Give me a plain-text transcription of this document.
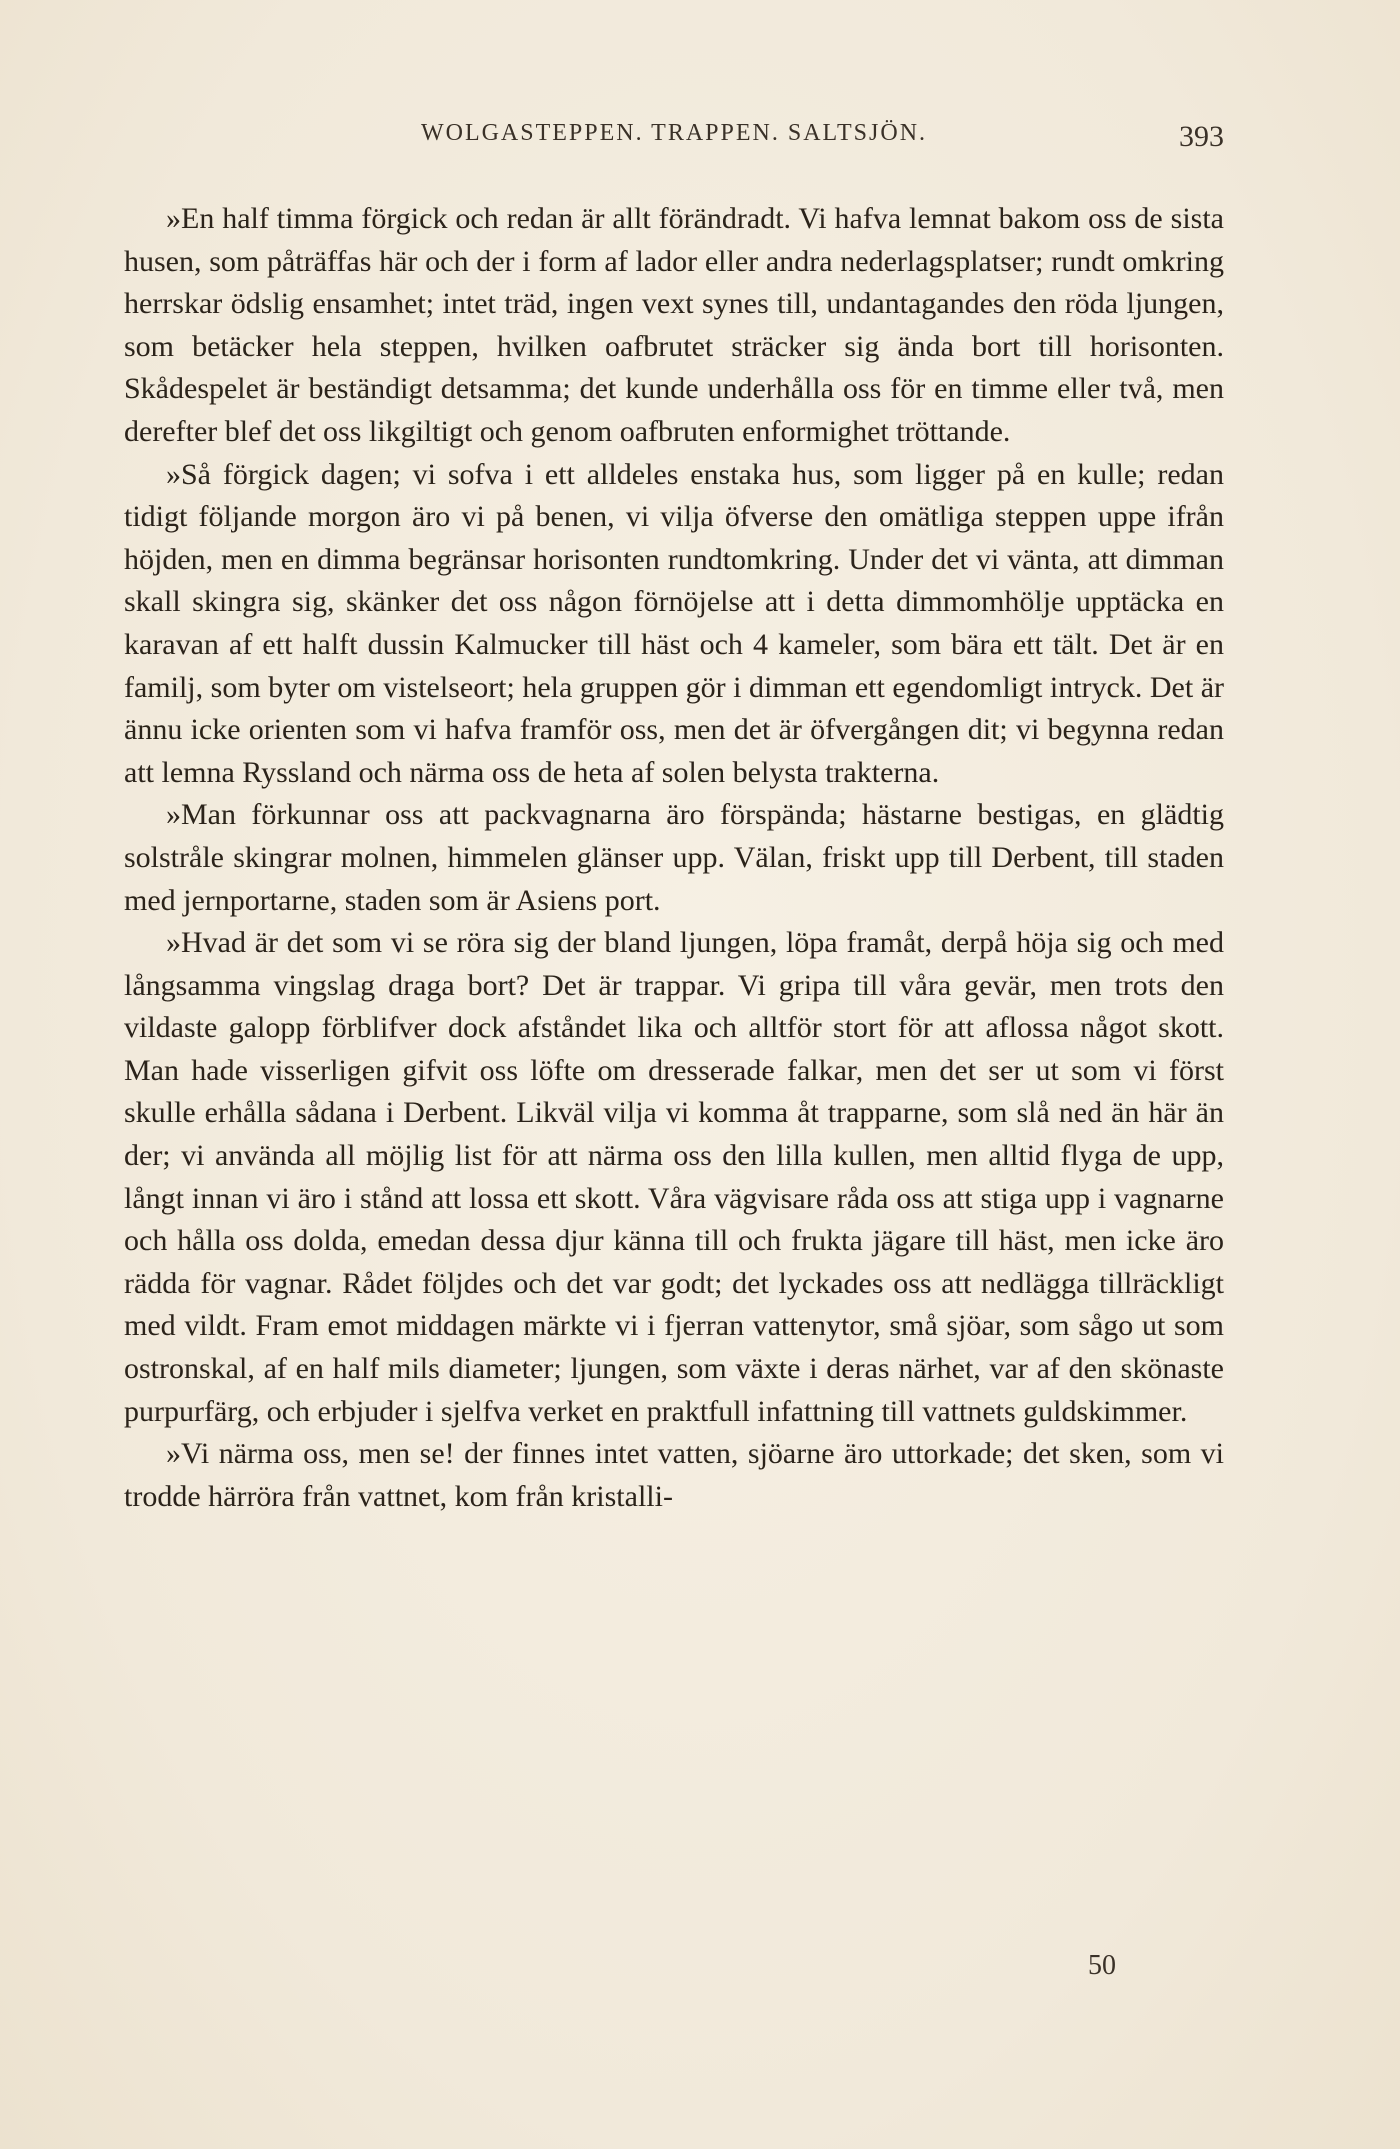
WOLGASTEPPEN. TRAPPEN. SALTSJÖN.	393

»En half timma förgick och redan är allt förändradt. Vi hafva lemnat bakom oss de sista husen, som påträffas här och der i form af lador eller andra nederlagsplatser; rundt omkring herrskar ödslig ensamhet; intet träd, ingen vext synes till, undantagandes den röda ljungen, som betäcker hela steppen, hvilken oafbrutet sträcker sig ända bort till horisonten. Skådespelet är beständigt detsamma; det kunde underhålla oss för en timme eller två, men derefter blef det oss likgiltigt och genom oafbruten enformighet tröttande.

»Så förgick dagen; vi sofva i ett alldeles enstaka hus, som ligger på en kulle; redan tidigt följande morgon äro vi på benen, vi vilja öfverse den omätliga steppen uppe ifrån höjden, men en dimma begränsar horisonten rundtomkring. Under det vi vänta, att dimman skall skingra sig, skänker det oss någon förnöjelse att i detta dimmomhölje upptäcka en karavan af ett halft dussin Kalmucker till häst och 4 kameler, som bära ett tält. Det är en familj, som byter om vistelseort; hela gruppen gör i dimman ett egendomligt intryck. Det är ännu icke orienten som vi hafva framför oss, men det är öfvergången dit; vi begynna redan att lemna Ryssland och närma oss de heta af solen belysta trakterna.

»Man förkunnar oss att packvagnarna äro förspända; hästarne bestigas, en glädtig solstråle skingrar molnen, himmelen glänser upp. Välan, friskt upp till Derbent, till staden med jernportarne, staden som är Asiens port.

»Hvad är det som vi se röra sig der bland ljungen, löpa framåt, derpå höja sig och med långsamma vingslag draga bort? Det är trappar. Vi gripa till våra gevär, men trots den vildaste galopp förblifver dock afståndet lika och alltför stort för att aflossa något skott. Man hade visserligen gifvit oss löfte om dresserade falkar, men det ser ut som vi först skulle erhålla sådana i Derbent. Likväl vilja vi komma åt trapparne, som slå ned än här än der; vi använda all möjlig list för att närma oss den lilla kullen, men alltid flyga de upp, långt innan vi äro i stånd att lossa ett skott. Våra vägvisare råda oss att stiga upp i vagnarne och hålla oss dolda, emedan dessa djur känna till och frukta jägare till häst, men icke äro rädda för vagnar. Rådet följdes och det var godt; det lyckades oss att nedlägga tillräckligt med vildt. Fram emot middagen märkte vi i fjerran vattenytor, små sjöar, som sågo ut som ostronskal, af en half mils diameter; ljungen, som växte i deras närhet, var af den skönaste purpurfärg, och erbjuder i sjelfva verket en praktfull infattning till vattnets guldskimmer.

»Vi närma oss, men se! der finnes intet vatten, sjöarne äro uttorkade; det sken, som vi trodde härröra från vattnet, kom från kristalli-

50
